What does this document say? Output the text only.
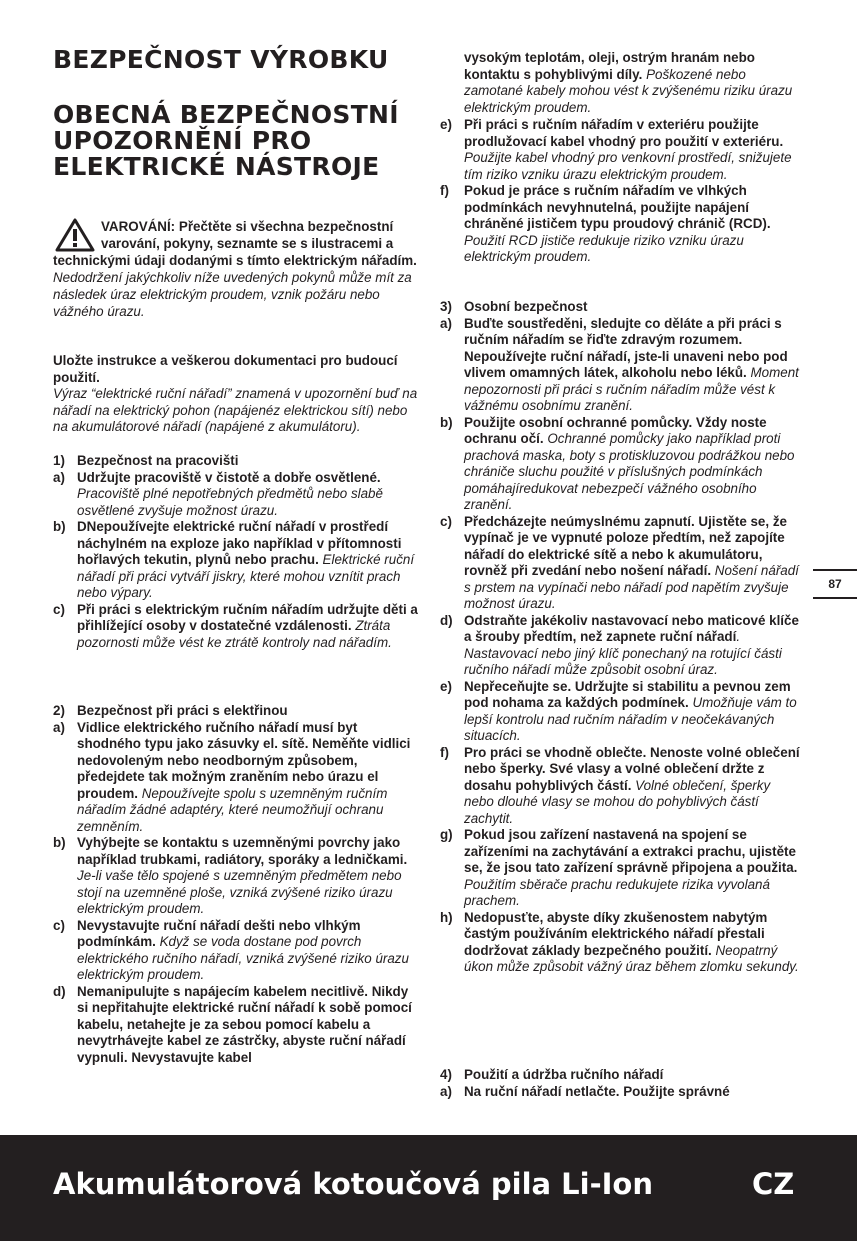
BEZPEČNOST VÝROBKU
OBECNÁ BEZPEČNOSTNÍ UPOZORNĚNÍ PRO ELEKTRICKÉ NÁSTROJE
VAROVÁNÍ: Přečtěte si všechna bezpečnostní varování, pokyny, seznamte se s ilustracemi a technickými údaji dodanými s tímto elektrickým nářadím.
Nedodržení jakýchkoliv níže uvedených pokynů může mít za následek úraz elektrickým proudem, vznik požáru nebo vážného úrazu.

Uložte instrukce a veškerou dokumentaci pro budoucí použití.

Výraz “elektrické ruční nářadí” znamená v upozornění buď na nářadí na elektrický pohon (napájenéz elektrickou sítí) nebo na akumulátorové nářadí (napájené z akumulátoru).

1) Bezpečnost na pracovišti
a) Udržujte pracoviště v čistotě a dobře osvětlené. Pracoviště plné nepotřebných předmětů nebo slabě osvětlené zvyšuje možnost úrazu.
b) DNepoužívejte elektrické ruční nářadí v prostředí náchylném na exploze jako například v přítomnosti hořlavých tekutin, plynů nebo prachu. Elektrické ruční nářadí při práci vytváří jiskry, které mohou vznítit prach nebo výpary.
c) Při práci s elektrickým ručním nářadím udržujte děti a přihlížející osoby v dostatečné vzdálenosti. Ztráta pozornosti může vést ke ztrátě kontroly nad nářadím.
2) Bezpečnost při práci s elektřinou
a) Vidlice elektrického ručního nářadí musí byt shodného typu jako zásuvky el. sítě. Neměňte vidlici nedovoleným nebo neodborným způsobem, předejdete tak možným zraněním nebo úrazu el proudem. Nepoužívejte spolu s uzemněným ručním nářadím žádné adaptéry, které neumožňují ochranu zemněním.
b) Vyhýbejte se kontaktu s uzemněnými povrchy jako například trubkami, radiátory, sporáky a ledničkami. Je-li vaše tělo spojené s uzemněným předmětem nebo stojí na uzemněné ploše, vzniká zvýšené riziko úrazu elektrickým proudem.
c) Nevystavujte ruční nářadí dešti nebo vlhkým podmínkám. Když se voda dostane pod povrch elektrického ručního nářadí, vzniká zvýšené riziko úrazu elektrickým proudem.
d) Nemanipulujte s napájecím kabelem necitlivě. Nikdy si nepřitahujte elektrické ruční nářadí k sobě pomocí kabelu, netahejte je za sebou pomocí kabelu a nevytrhávejte kabel ze zástrčky, abyste ruční nářadí vypnuli. Nevystavujte kabel

vysokým teplotám, oleji, ostrým hranám nebo kontaktu s pohyblivými díly. Poškozené nebo zamotané kabely mohou vést k zvýšenému riziku úrazu elektrickým proudem.

e) Při práci s ručním nářadím v exteriéru použijte prodlužovací kabel vhodný pro použití v exteriéru. Použijte kabel vhodný pro venkovní prostředí, snižujete tím riziko vzniku úrazu elektrickým proudem.
f)	Pokud je práce s ručním nářadím ve vlhkých podmínkách nevyhnutelná, použijte napájení chráněné jističem typu proudový chránič (RCD). Použití RCD jističe redukuje riziko vzniku úrazu elektrickým proudem.
3) Osobní bezpečnost
a) Buďte soustředěni, sledujte co děláte a při práci s ručním nářadím se řiďte zdravým rozumem. Nepoužívejte ruční nářadí, jste-li unaveni nebo pod vlivem omamných látek, alkoholu nebo léků. Moment nepozornosti při práci s ručním nářadím může vést k vážnému osobnímu zranění.
b) Použijte osobní ochranné pomůcky. Vždy noste ochranu očí. Ochranné pomůcky jako například proti prachová maska, boty s protiskluzovou podrážkou nebo chrániče sluchu použité v příslušných podmínkách pomáhajíredukovat nebezpečí vážného osobního zranění.
c) Předcházejte neúmyslnému zapnutí. Ujistěte se, že vypínač je ve vypnuté poloze předtím, než zapojíte nářadí do elektrické sítě a nebo k akumulátoru, rovněž při zvedání nebo nošení nářadí. Nošení nářadí s prstem na vypínači nebo nářadí pod napětím zvyšuje možnost úrazu.
d) Odstraňte jakékoliv nastavovací nebo maticové klíče a šrouby předtím, než zapnete ruční nářadí. Nastavovací nebo jiný klíč ponechaný na rotující části ručního nářadí může způsobit osobní úraz.
e) Nepřeceňujte se. Udržujte si stabilitu a pevnou zem pod nohama za každých podmínek. Umožňuje vám to lepší kontrolu nad ručním nářadím v neočekávaných situacích.
f)	Pro práci se vhodně oblečte. Nenoste volné oblečení nebo šperky. Své vlasy a volné oblečení držte z dosahu pohyblivých částí. Volné oblečení, šperky nebo dlouhé vlasy se mohou do pohyblivých částí zachytit.
g) Pokud jsou zařízení nastavená na spojení se zařízeními na zachytávání a extrakci prachu, ujistěte se, že jsou tato zařízení správně připojena a použita. Použitím sběrače prachu redukujete rizika vyvolaná prachem.
h) Nedopusťte, abyste díky zkušenostem nabytým častým používáním elektrického nářadí přestali dodržovat základy bezpečného použití. Neopatrný úkon může způsobit vážný úraz během zlomku sekundy.
4) Použití a údržba ručního nářadí
a) Na ruční nářadí netlačte. Použijte správné
87
Akumulátorová kotoučová pila Li-Ion	CZ
